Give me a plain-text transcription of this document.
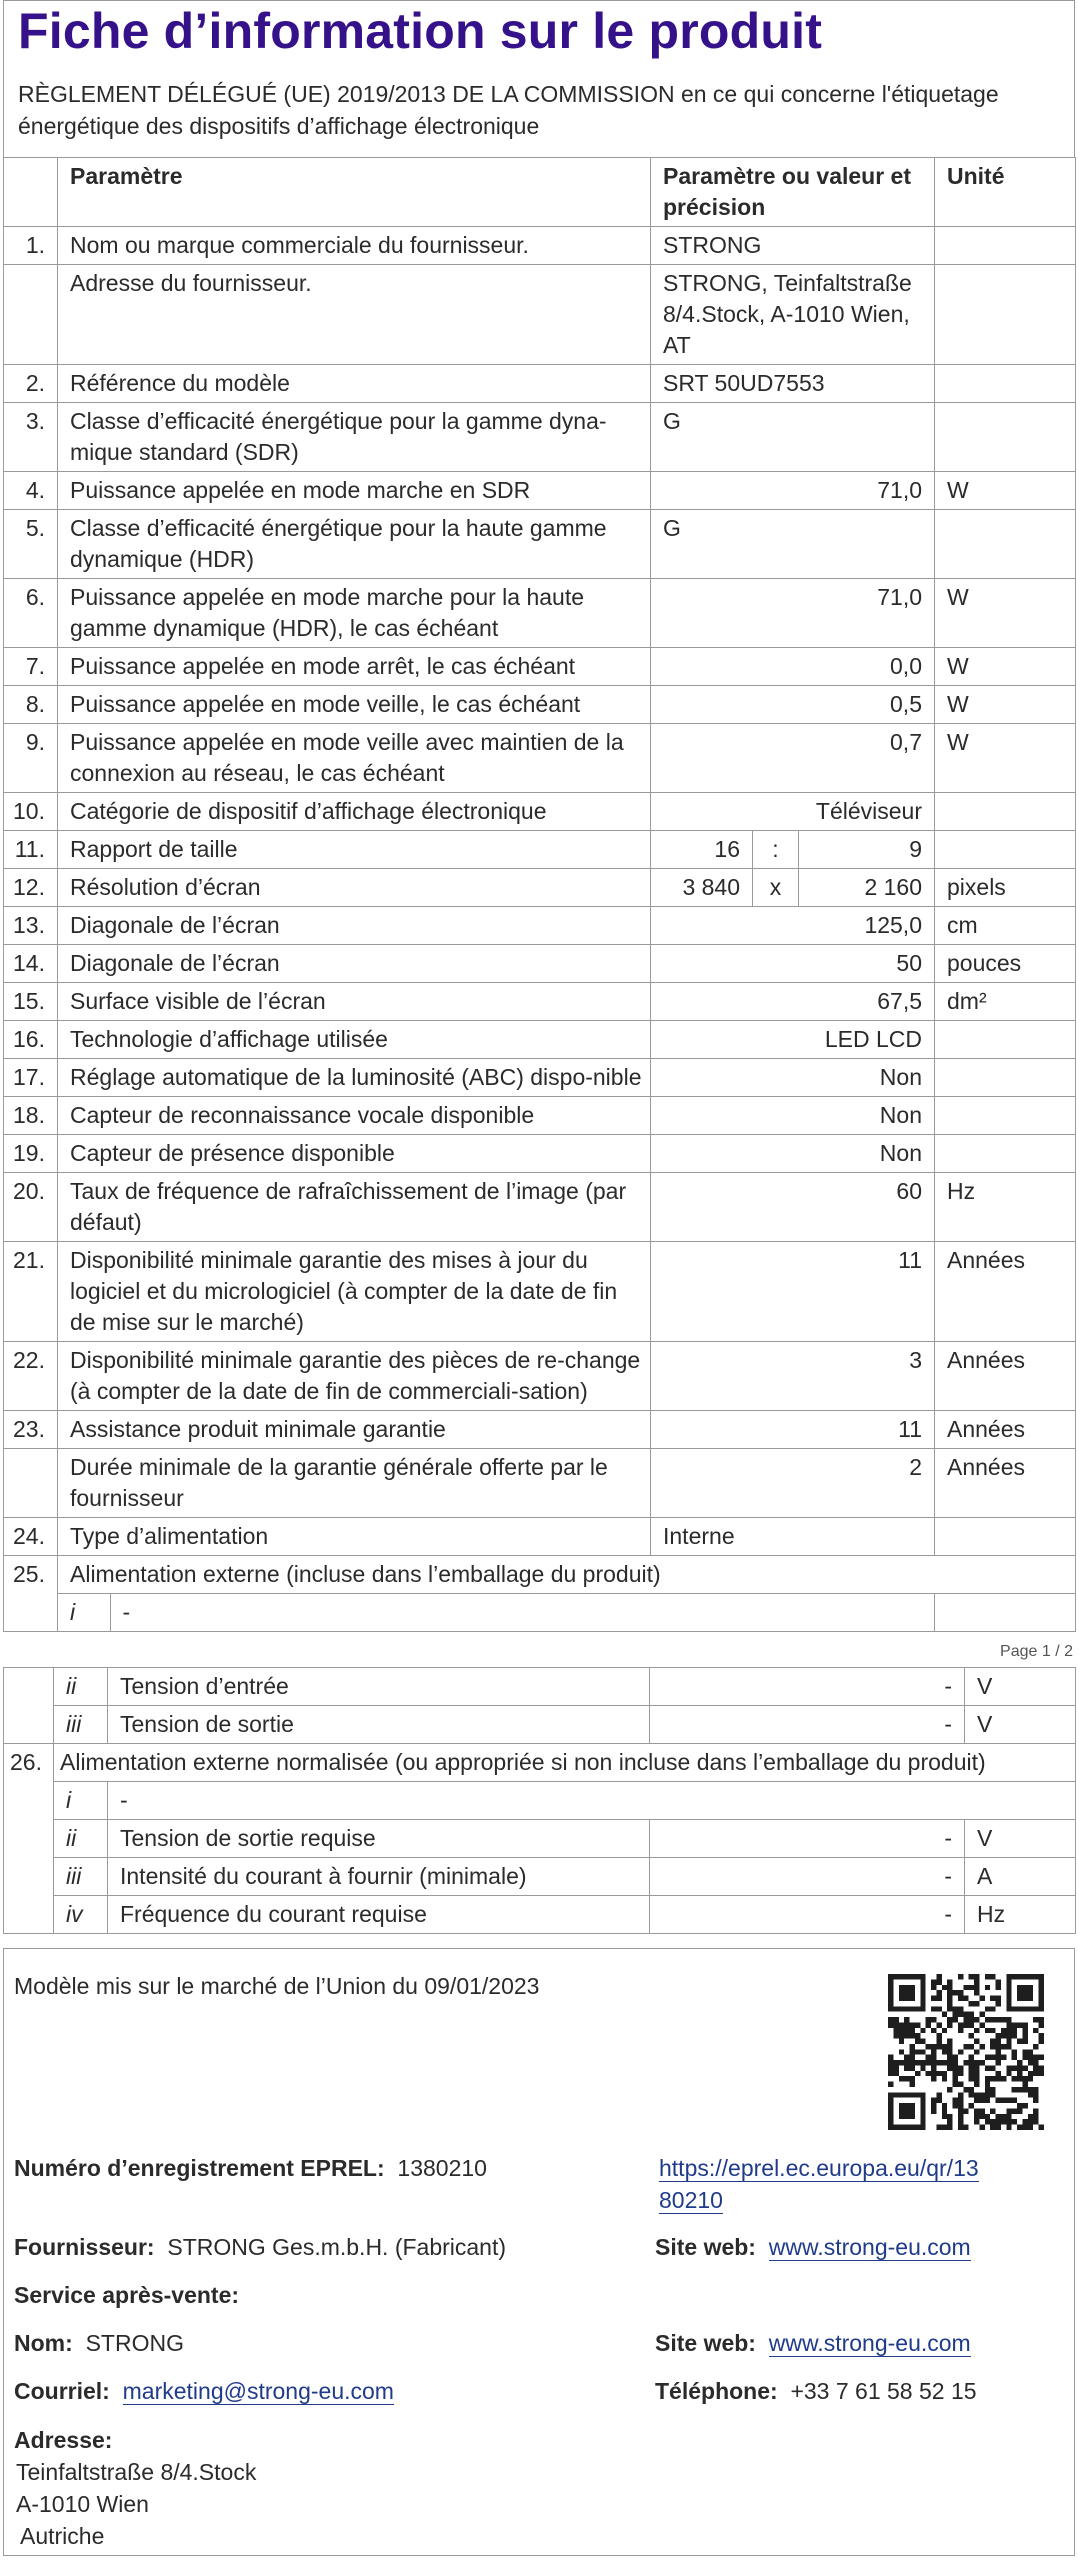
Fiche d’information sur le produit
RÈGLEMENT DÉLÉGUÉ (UE) 2019/2013 DE LA COMMISSION en ce qui concerne l'étiquetage énergétique des dispositifs d’affichage électronique
	Paramètre	Paramètre ou valeur et précision	Unité
1.	Nom ou marque commerciale du fournisseur.	STRONG	
	Adresse du fournisseur.	STRONG, Teinfaltstraße 8/4.Stock, A-1010 Wien, AT	
2.	Référence du modèle	SRT 50UD7553	
3.	Classe d’efficacité énergétique pour la gamme dyna-mique standard (SDR)	G	
4.	Puissance appelée en mode marche en SDR	71,0	W
5.	Classe d’efficacité énergétique pour la haute gamme dynamique (HDR)	G	
6.	Puissance appelée en mode marche pour la haute gamme dynamique (HDR), le cas échéant	71,0	W
7.	Puissance appelée en mode arrêt, le cas échéant	0,0	W
8.	Puissance appelée en mode veille, le cas échéant	0,5	W
9.	Puissance appelée en mode veille avec maintien de la connexion au réseau, le cas échéant	0,7	W
10.	Catégorie de dispositif d’affichage électronique	Téléviseur	
11.	Rapport de taille	16	:	9	
12.	Résolution d’écran	3 840	x	2 160	pixels
13.	Diagonale de l’écran	125,0	cm
14.	Diagonale de l’écran	50	pouces
15.	Surface visible de l’écran	67,5	dm²
16.	Technologie d’affichage utilisée	LED LCD	
17.	Réglage automatique de la luminosité (ABC) dispo-nible	Non	
18.	Capteur de reconnaissance vocale disponible	Non	
19.	Capteur de présence disponible	Non	
20.	Taux de fréquence de rafraîchissement de l’image (par défaut)	60	Hz
21.	Disponibilité minimale garantie des mises à jour du logiciel et du micrologiciel (à compter de la date de fin de mise sur le marché)	11	Années
22.	Disponibilité minimale garantie des pièces de re-change (à compter de la date de fin de commerciali-sation)	3	Années
23.	Assistance produit minimale garantie	11	Années
	Durée minimale de la garantie générale offerte par le fournisseur	2	Années
24.	Type d’alimentation	Interne	
25.	Alimentation externe (incluse dans l’emballage du produit)

i	-

Page 1 / 2
	ii	Tension d’entrée	-	V
	iii	Tension de sortie	-	V
26.	Alimentation externe normalisée (ou appropriée si non incluse dans l’emballage du produit)			
	i	-		
	ii	Tension de sortie requise	-	V
	iii	Intensité du courant à fournir (minimale)	-	A
	iv	Fréquence du courant requise	-	Hz
Modèle mis sur le marché de l’Union du 09/01/2023
Numéro d’enregistrement EPREL: 1380210	https://eprel.ec.europa.eu/qr/13
80210
Fournisseur: STRONG Ges.m.b.H. (Fabricant)	Site web: www.strong-eu.com
Service après-vente:
Nom: STRONG	Site web: www.strong-eu.com
Courriel: marketing@strong-eu.com	Téléphone: +33 7 61 58 52 15
Adresse:
Teinfaltstraße 8/4.Stock
A-1010 Wien
Autriche
